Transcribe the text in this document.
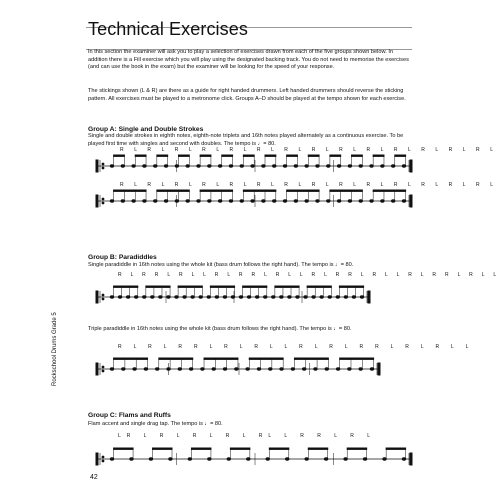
Technical Exercises

In this section the examiner will ask you to play a selection of exercises drawn from each of the five groups shown below. In addition there is a Fill exercise which you will play using the designated backing track. You do not need to memorise the exercises (and can use the book in the exam) but the examiner will be looking for the speed of your response.

The stickings shown (L & R) are there as a guide for right handed drummers. Left handed drummers should reverse the sticking pattern. All exercises must be played to a metronome click. Groups A–D should be played at the tempo shown for each exercise.

Group A: Single and Double Strokes

Single and double strokes in eighth notes, eighth-note triplets and 16th notes played alternately as a continuous exercise. To be played first time with singles and second with doubles. The tempo is ♩= 80.

Group B: Paradiddles

Single paradiddle in 16th notes using the whole kit (bass drum follows the right hand). The tempo is ♩= 80.

Triple paradiddle in 16th notes using the whole kit (bass drum follows the right hand). The tempo is ♩= 80.

Group C: Flams and Ruffs

Flam accent and single drag tap. The tempo is ♩= 80.

R L R L R L R L R L R L R L R L R L R L R L R L R L R L
R L R L R L R L R L R L R L R L R L R L R L R L R L R L
R L R R L R L L R L R R L R L L R L R R L R L L R L R R L R L L
R L R L R R L R L R L L R L R L R R L R L R L L
LR L R L R L R L RL L R R L R L
42
Rockschool Drums Grade 5
